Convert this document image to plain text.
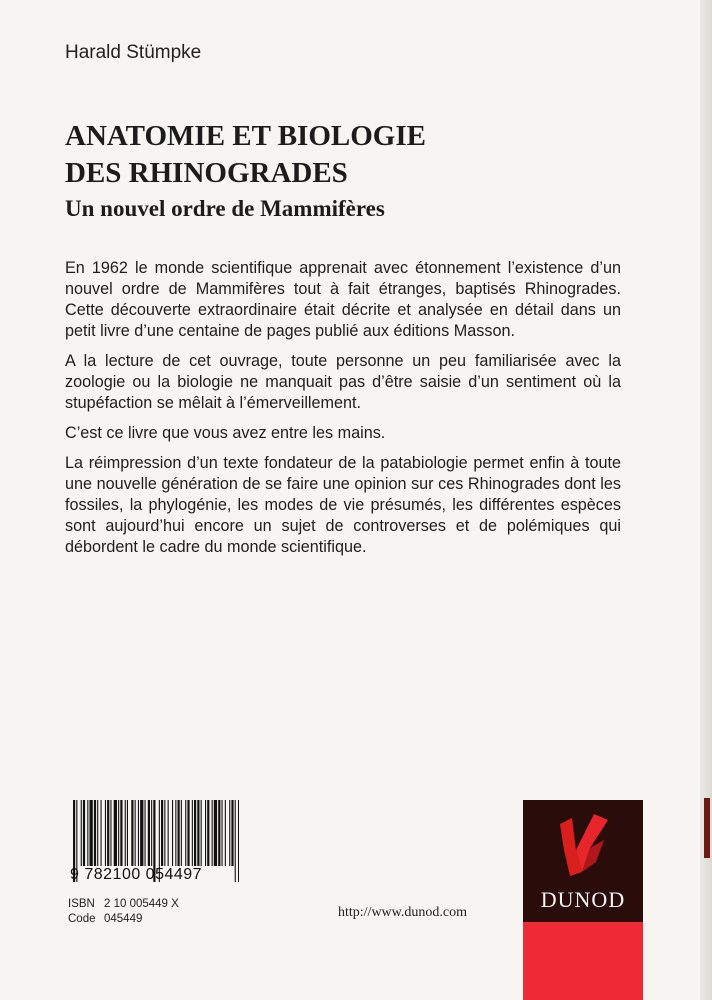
Harald Stümpke
ANATOMIE ET BIOLOGIE
DES RHINOGRADES
Un nouvel ordre de Mammifères

En 1962 le monde scientifique apprenait avec étonnement l’existence d’un nouvel ordre de Mammifères tout à fait étranges, baptisés Rhinogrades. Cette découverte extraordinaire était décrite et analysée en détail dans un petit livre d’une centaine de pages publié aux éditions Masson.

A la lecture de cet ouvrage, toute personne un peu familiarisée avec la zoologie ou la biologie ne manquait pas d’être saisie d’un sentiment où la stupéfaction se mêlait à l’émerveillement.

C’est ce livre que vous avez entre les mains.

La réimpression d’un texte fondateur de la patabiologie permet enfin à toute une nouvelle génération de se faire une opinion sur ces Rhinogrades dont les fossiles, la phylogénie, les modes de vie présumés, les différentes espèces sont aujourd’hui encore un sujet de controverses et de polémiques qui débordent le cadre du monde scientifique.

9 782100 054497
ISBN 2 10 005449 X
Code 045449	http://www.dunod.com
DUNOD
